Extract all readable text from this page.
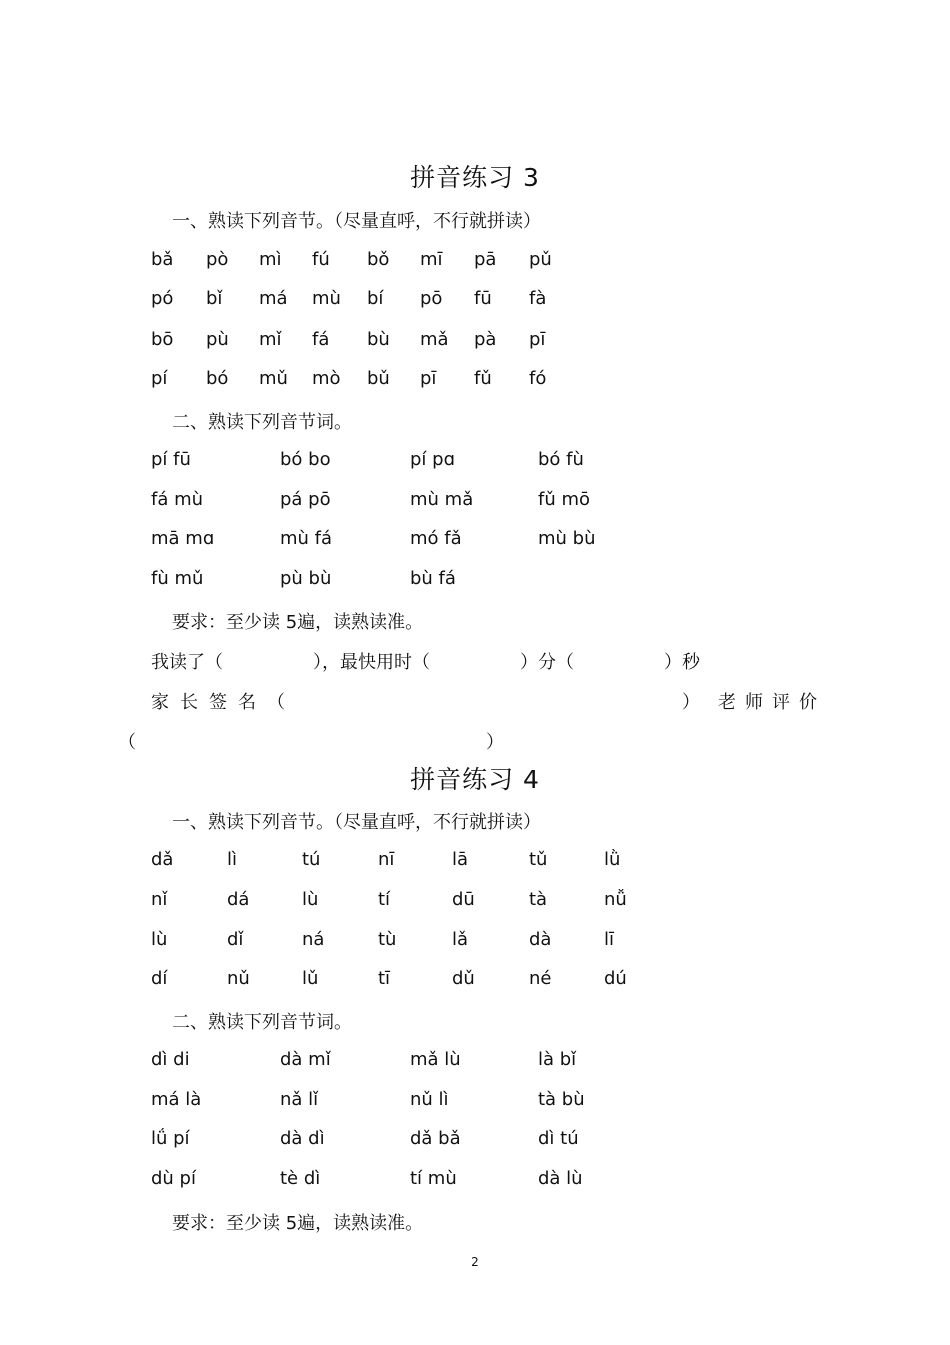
拼音练习 3
一、熟读下列音节。（尽量直呼，不行就拼读）
bǎ pò mì fú bǒ mī pā pǔ
pó bǐ má mù bí pō fū fà
bō pù mǐ fá bù mǎ pà pī
pí bó mǔ mò bǔ pī fǔ fó
二、熟读下列音节词。
pí fū	bó bo	pí pɑ	bó fù
fá mù	pá pō	mù mǎ	fǔ mō
mā mɑ	mù fá	mó fǎ	mù bù
fù mǔ	pù bù	bù fá
要求：至少读 5遍，读熟读准。
我读了（　　　　　），最快用时（　　　　　）分（　　　　　）秒
家长签名（	） 老师评价
（	）
拼音练习 4
一、熟读下列音节。（尽量直呼，不行就拼读）
dǎ	lì	tú	nī	lā	tǔ	lǜ
nǐ	dá	lù	tí	dū	tà	nǚ
lù	dǐ	ná	tù	lǎ	dà	lī
dí	nǔ	lǔ	tī	dǔ	né	dú
二、熟读下列音节词。
dì di	dà mǐ	mǎ lù	là bǐ
má là	nǎ lǐ	nǔ lì	tà bù
lǘ pí	dà dì	dǎ bǎ	dì tú
dù pí	tè dì	tí mù	dà lù
要求：至少读 5遍，读熟读准。
2
